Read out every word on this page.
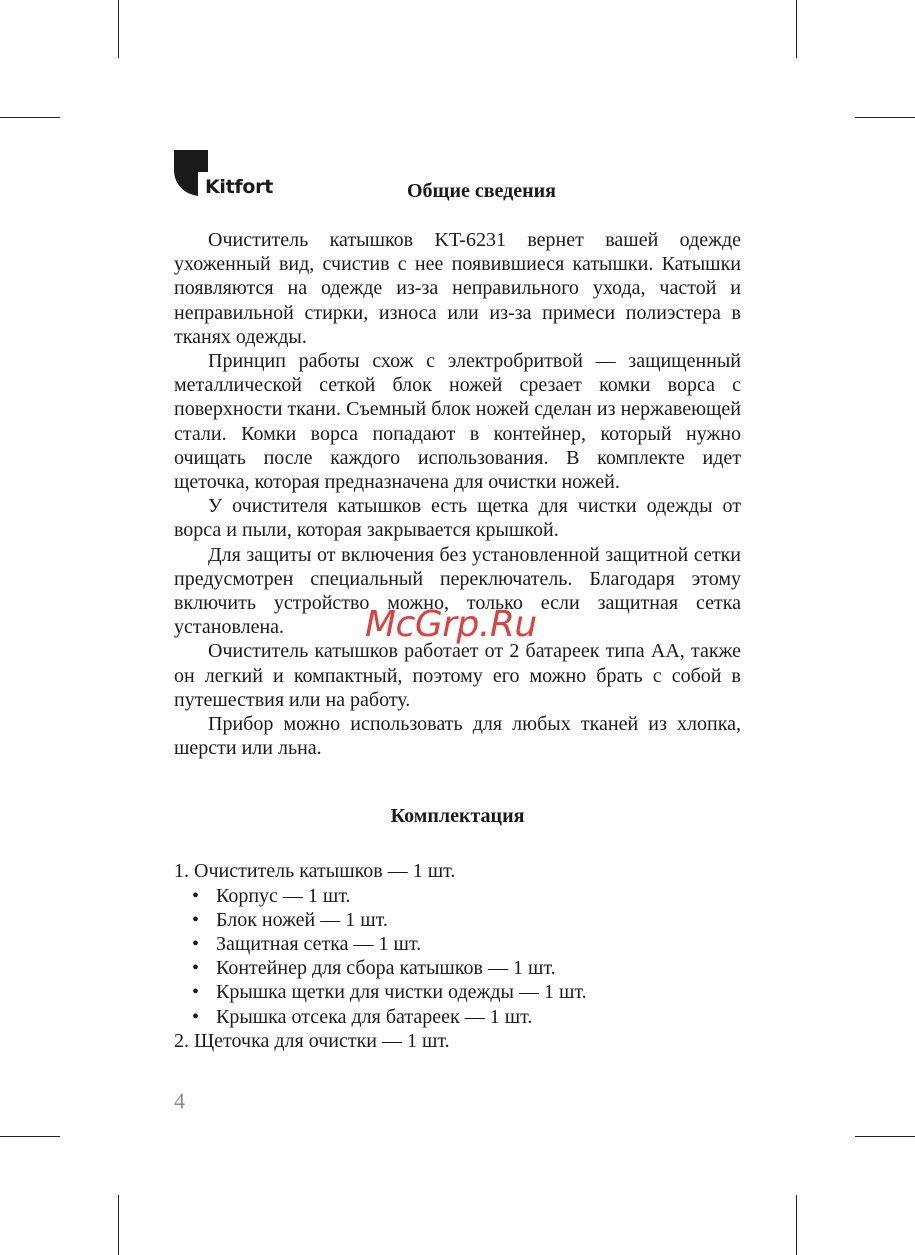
Kitfort	Общие сведения

Очиститель катышков KT-6231 вернет вашей одежде ухоженный вид, счистив с нее появившиеся катышки. Катышки появляются на одежде из-за неправильного ухода, частой и неправильной стирки, износа или из-за примеси полиэстера в тканях одежды.

Принцип работы схож с электробритвой — защищенный металлической сеткой блок ножей срезает комки ворса с поверхности ткани. Съемный блок ножей сделан из нержавеющей стали. Комки ворса попадают в контейнер, который нужно очищать после каждого использования. В комплекте идет щеточка, которая предназначена для очистки ножей.

У очистителя катышков есть щетка для чистки одежды от ворса и пыли, которая закрывается крышкой.

Для защиты от включения без установленной защитной сетки предусмотрен специальный переключатель. Благодаря этому включить устройство можно, только если защитная сетка установлена.

Очиститель катышков работает от 2 батареек типа АА, также он легкий и компактный, поэтому его можно брать с собой в путешествия или на работу.

Прибор можно использовать для любых тканей из хлопка, шерсти или льна.

Комплектация
1. Очиститель катышков — 1 шт.
• Корпус — 1 шт.
• Блок ножей — 1 шт.
• Защитная сетка — 1 шт.
• Контейнер для сбора катышков — 1 шт.
• Крышка щетки для чистки одежды — 1 шт.
• Крышка отсека для батареек — 1 шт.
2. Щеточка для очистки — 1 шт.
4
McGrp.Ru
